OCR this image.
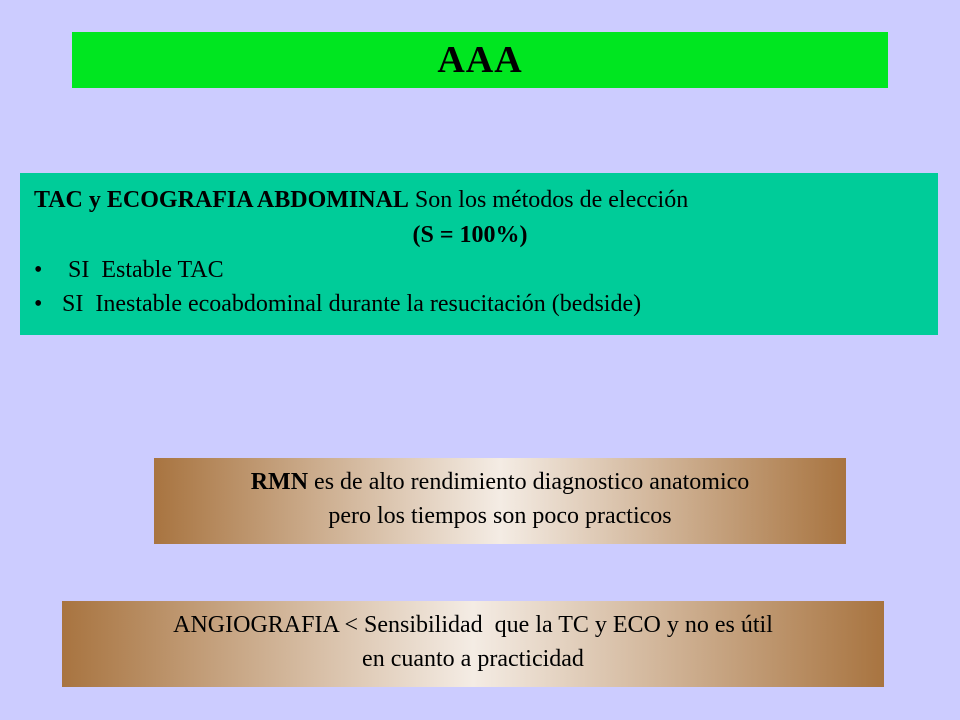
AAA
TAC y ECOGRAFIA ABDOMINAL Son los métodos de elección
(S = 100%)
• SI  Estable TAC
• SI  Inestable ecoabdominal durante la resucitación (bedside)
RMN es de alto rendimiento diagnostico anatomico
pero los tiempos son poco practicos
ANGIOGRAFIA < Sensibilidad  que la TC y ECO y no es útil
en cuanto a practicidad
